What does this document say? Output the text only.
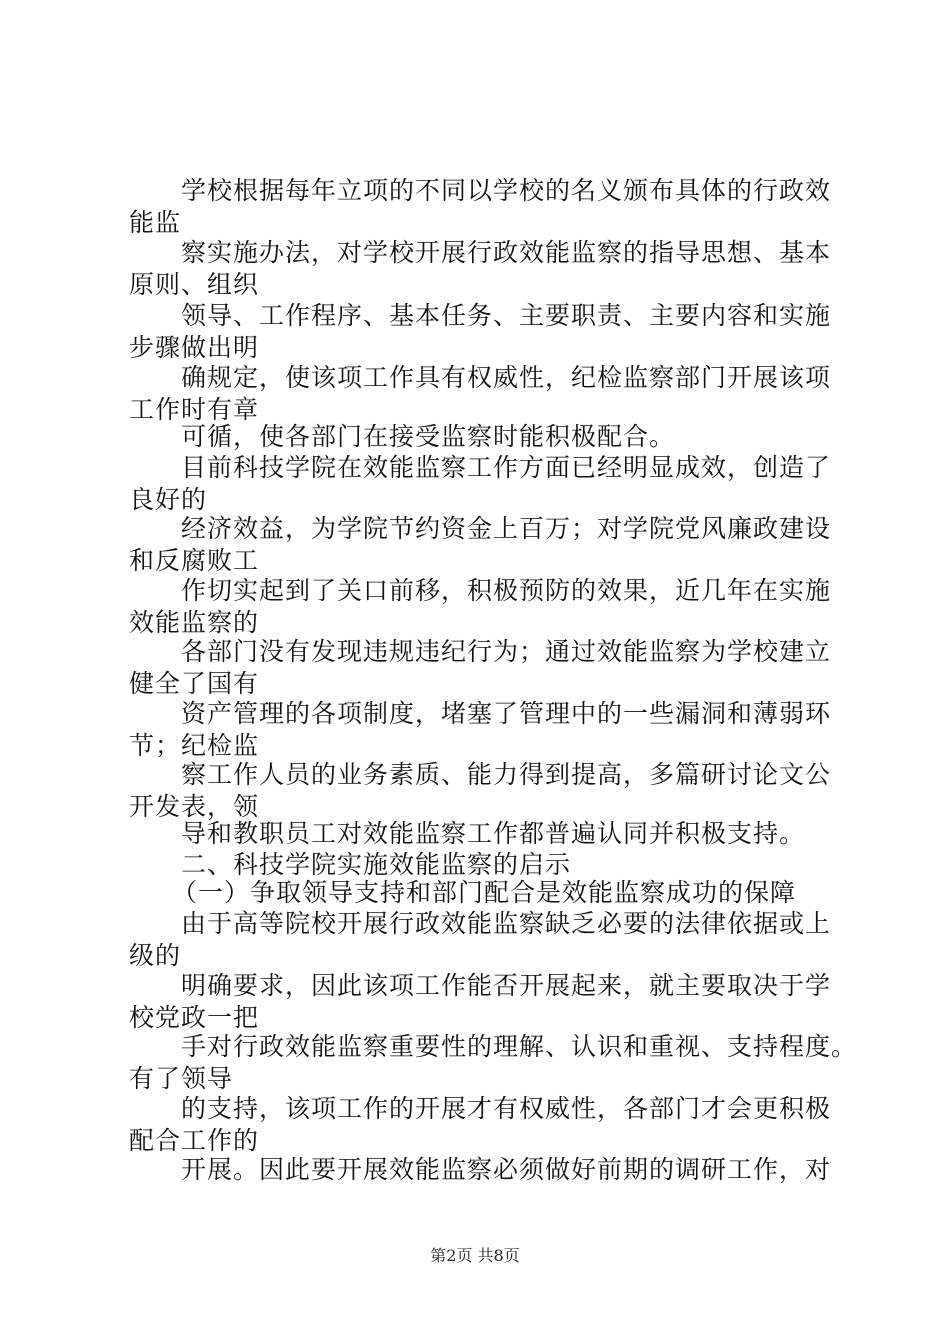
学校根据每年立项的不同以学校的名义颁布具体的行政效
能监
察实施办法，对学校开展行政效能监察的指导思想、基本
原则、组织
领导、工作程序、基本任务、主要职责、主要内容和实施
步骤做出明
确规定，使该项工作具有权威性，纪检监察部门开展该项
工作时有章
可循，使各部门在接受监察时能积极配合。
目前科技学院在效能监察工作方面已经明显成效，创造了
良好的
经济效益，为学院节约资金上百万；对学院党风廉政建设
和反腐败工
作切实起到了关口前移，积极预防的效果，近几年在实施
效能监察的
各部门没有发现违规违纪行为；通过效能监察为学校建立
健全了国有
资产管理的各项制度，堵塞了管理中的一些漏洞和薄弱环
节；纪检监
察工作人员的业务素质、能力得到提高，多篇研讨论文公
开发表，领
导和教职员工对效能监察工作都普遍认同并积极支持。
二、科技学院实施效能监察的启示
（一）争取领导支持和部门配合是效能监察成功的保障
由于高等院校开展行政效能监察缺乏必要的法律依据或上
级的
明确要求，因此该项工作能否开展起来，就主要取决于学
校党政一把
手对行政效能监察重要性的理解、认识和重视、支持程度。
有了领导
的支持，该项工作的开展才有权威性，各部门才会更积极
配合工作的
开展。因此要开展效能监察必须做好前期的调研工作，对
第2页 共8页
